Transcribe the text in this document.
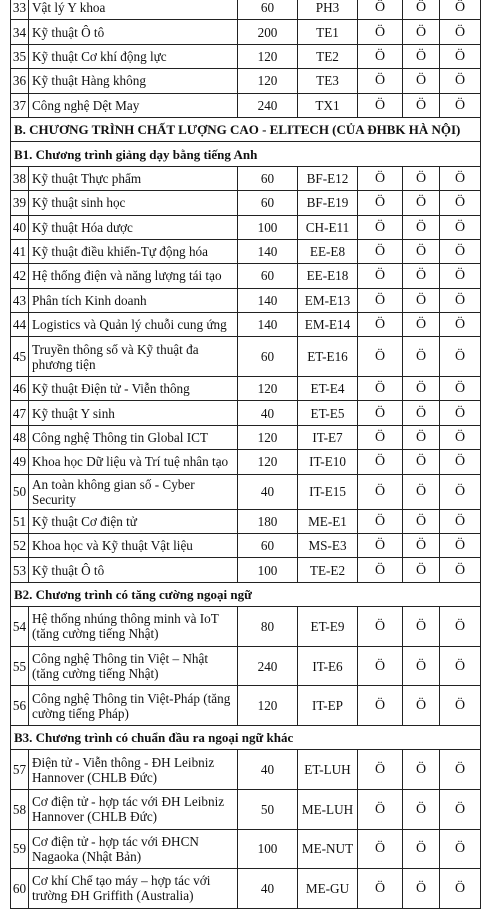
33	Vật lý Y khoa	60	PH3	Ö	Ö	Ö
34	Kỹ thuật Ô tô	200	TE1	Ö	Ö	Ö
35	Kỹ thuật Cơ khí động lực	120	TE2	Ö	Ö	Ö
36	Kỹ thuật Hàng không	120	TE3	Ö	Ö	Ö
37	Công nghệ Dệt May	240	TX1	Ö	Ö	Ö
B. CHƯƠNG TRÌNH CHẤT LƯỢNG CAO - ELITECH (CỦA ĐHBK HÀ NỘI)						
B1. Chương trình giảng dạy bằng tiếng Anh						
38	Kỹ thuật Thực phẩm	60	BF-E12	Ö	Ö	Ö
39	Kỹ thuật sinh học	60	BF-E19	Ö	Ö	Ö
40	Kỹ thuật Hóa dược	100	CH-E11	Ö	Ö	Ö
41	Kỹ thuật điều khiển-Tự động hóa	140	EE-E8	Ö	Ö	Ö
42	Hệ thống điện và năng lượng tái tạo	60	EE-E18	Ö	Ö	Ö
43	Phân tích Kinh doanh	140	EM-E13	Ö	Ö	Ö
44	Logistics và Quản lý chuỗi cung ứng	140	EM-E14	Ö	Ö	Ö
45	Truyền thông số và Kỹ thuật đa phương tiện	60	ET-E16	Ö	Ö	Ö
46	Kỹ thuật Điện tử - Viễn thông	120	ET-E4	Ö	Ö	Ö
47	Kỹ thuật Y sinh	40	ET-E5	Ö	Ö	Ö
48	Công nghệ Thông tin Global ICT	120	IT-E7	Ö	Ö	Ö
49	Khoa học Dữ liệu và Trí tuệ nhân tạo	120	IT-E10	Ö	Ö	Ö
50	An toàn không gian số - Cyber Security	40	IT-E15	Ö	Ö	Ö
51	Kỹ thuật Cơ điện tử	180	ME-E1	Ö	Ö	Ö
52	Khoa học và Kỹ thuật Vật liệu	60	MS-E3	Ö	Ö	Ö
53	Kỹ thuật Ô tô	100	TE-E2	Ö	Ö	Ö
B2. Chương trình có tăng cường ngoại ngữ						
54	Hệ thống nhúng thông minh và IoT (tăng cường tiếng Nhật)	80	ET-E9	Ö	Ö	Ö
55	Công nghệ Thông tin Việt – Nhật (tăng cường tiếng Nhật)	240	IT-E6	Ö	Ö	Ö
56	Công nghệ Thông tin Việt-Pháp (tăng cường tiếng Pháp)	120	IT-EP	Ö	Ö	Ö
B3. Chương trình có chuẩn đầu ra ngoại ngữ khác						
57	Điện tử - Viễn thông - ĐH Leibniz Hannover (CHLB Đức)	40	ET-LUH	Ö	Ö	Ö
58	Cơ điện tử - hợp tác với ĐH Leibniz Hannover (CHLB Đức)	50	ME-LUH	Ö	Ö	Ö
59	Cơ điện tử - hợp tác với ĐHCN Nagaoka (Nhật Bản)	100	ME-NUT	Ö	Ö	Ö
60	Cơ khí Chế tạo máy – hợp tác với trường ĐH Griffith (Australia)	40	ME-GU	Ö	Ö	Ö
